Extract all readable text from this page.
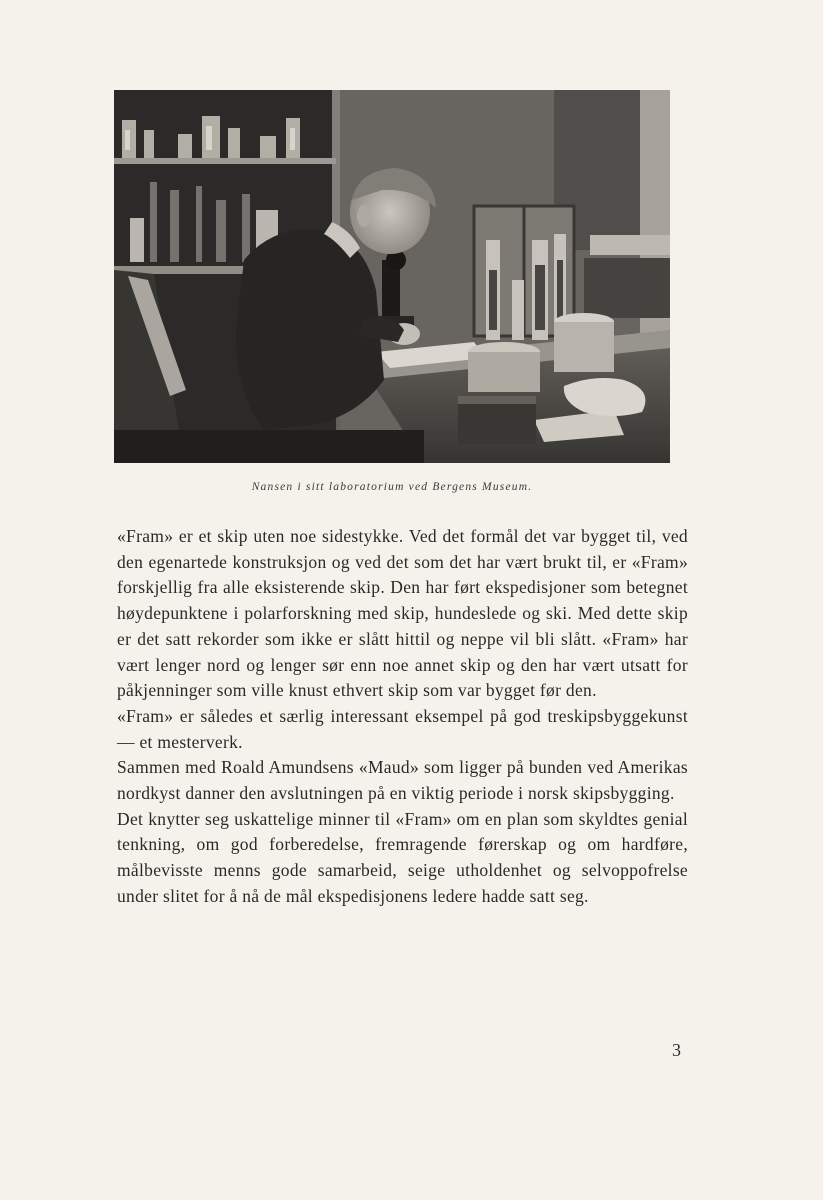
Nansen i sitt laboratorium ved Bergens Museum.

«Fram» er et skip uten noe sidestykke. Ved det formål det var bygget til, ved den egenartede konstruksjon og ved det som det har vært brukt til, er «Fram» forskjellig fra alle eksisterende skip. Den har ført ekspedisjoner som betegnet høydepunktene i polarforskning med skip, hundeslede og ski. Med dette skip er det satt rekorder som ikke er slått hittil og neppe vil bli slått. «Fram» har vært lenger nord og lenger sør enn noe annet skip og den har vært utsatt for påkjenninger som ville knust ethvert skip som var bygget før den.

«Fram» er således et særlig interessant eksempel på god treskipsbyggekunst — et mesterverk.

Sammen med Roald Amundsens «Maud» som ligger på bunden ved Amerikas nordkyst danner den avslutningen på en viktig periode i norsk skipsbygging.

Det knytter seg uskattelige minner til «Fram» om en plan som skyldtes genial tenkning, om god forberedelse, fremragende førerskap og om hardføre, målbevisste menns gode samarbeid, seige utholdenhet og selvoppofrelse under slitet for å nå de mål ekspedisjonens ledere hadde satt seg.

3
